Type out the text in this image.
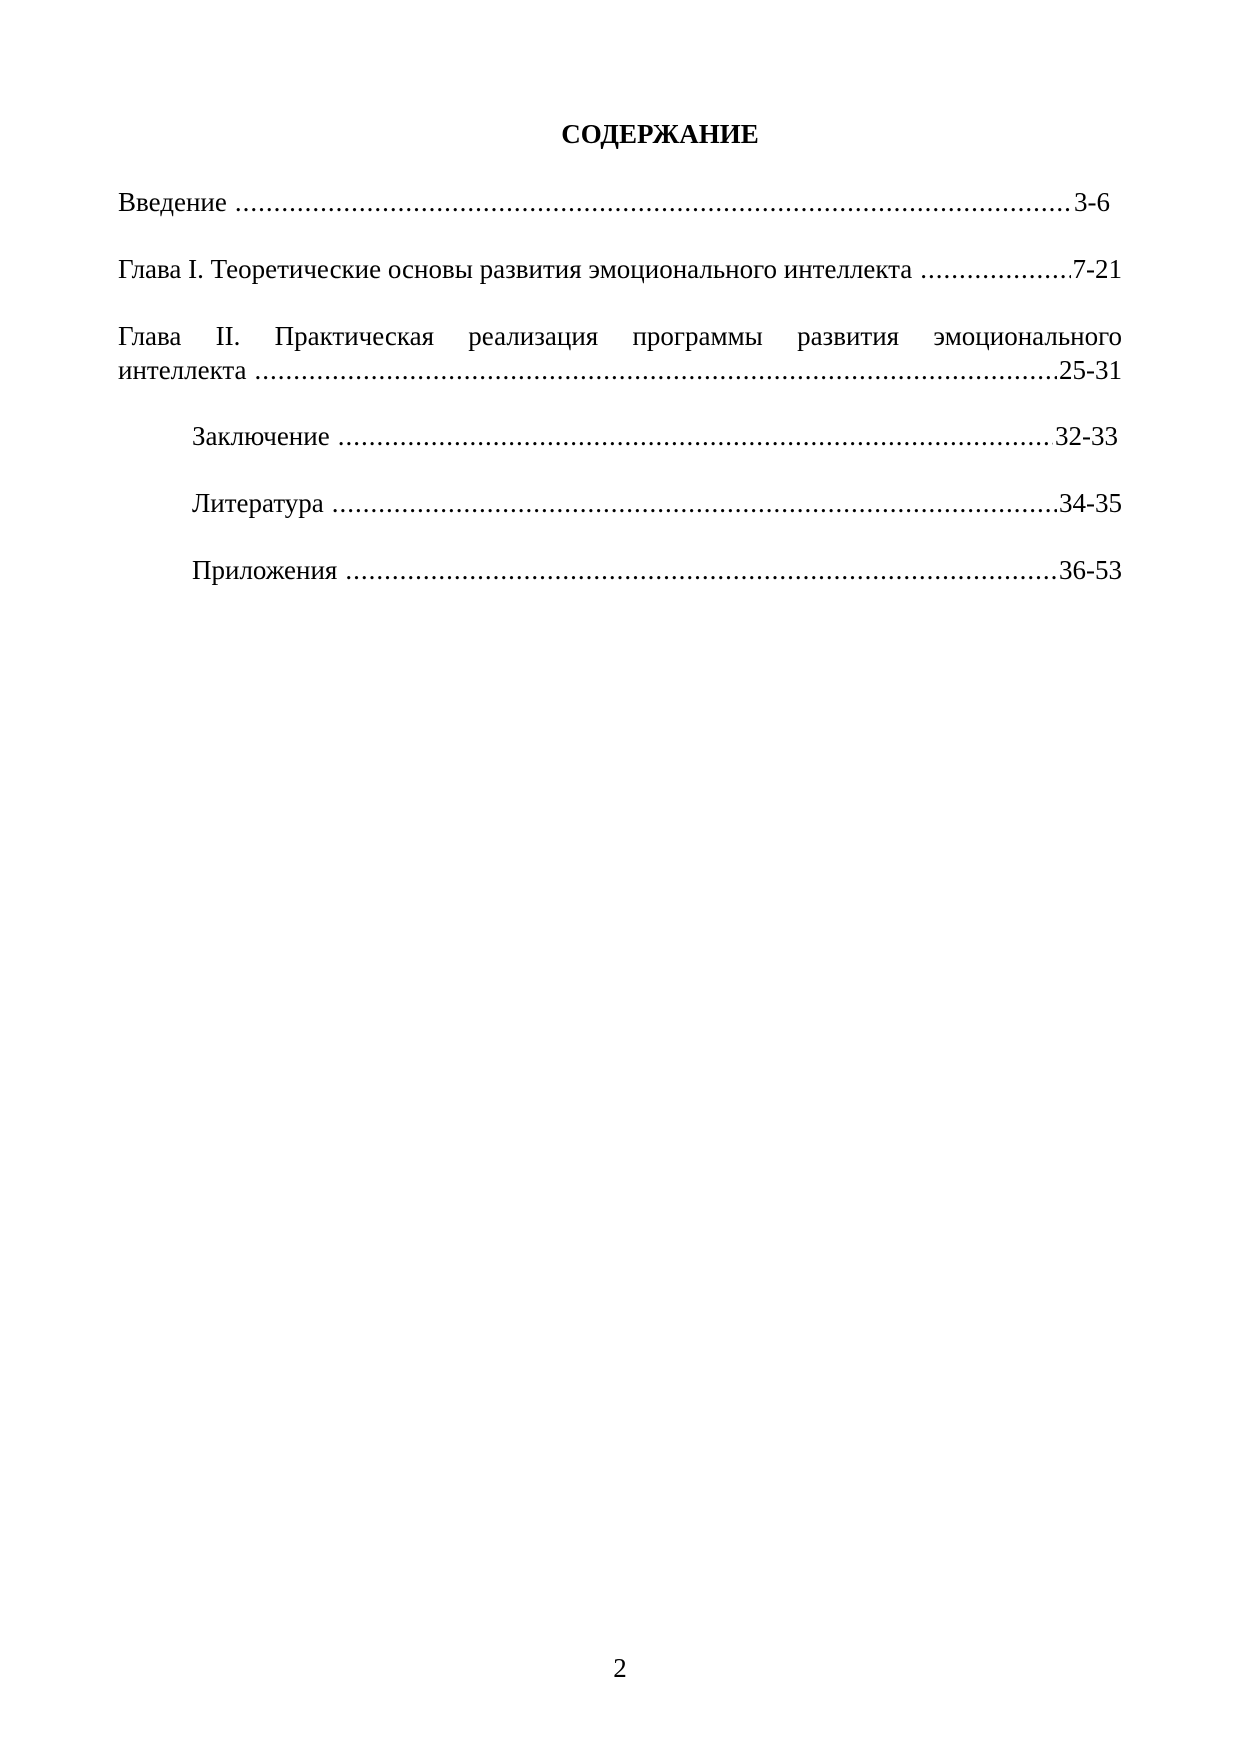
СОДЕРЖАНИЕ
Введение .....	3-6
Глава I. Теоретические основы развития эмоционального интеллекта .....	7-21
Глава II. Практическая реализация программы развития эмоционального
интеллекта .....	25-31
Заключение .....	32-33
Литература .....	34-35
Приложения .....	36-53
2
